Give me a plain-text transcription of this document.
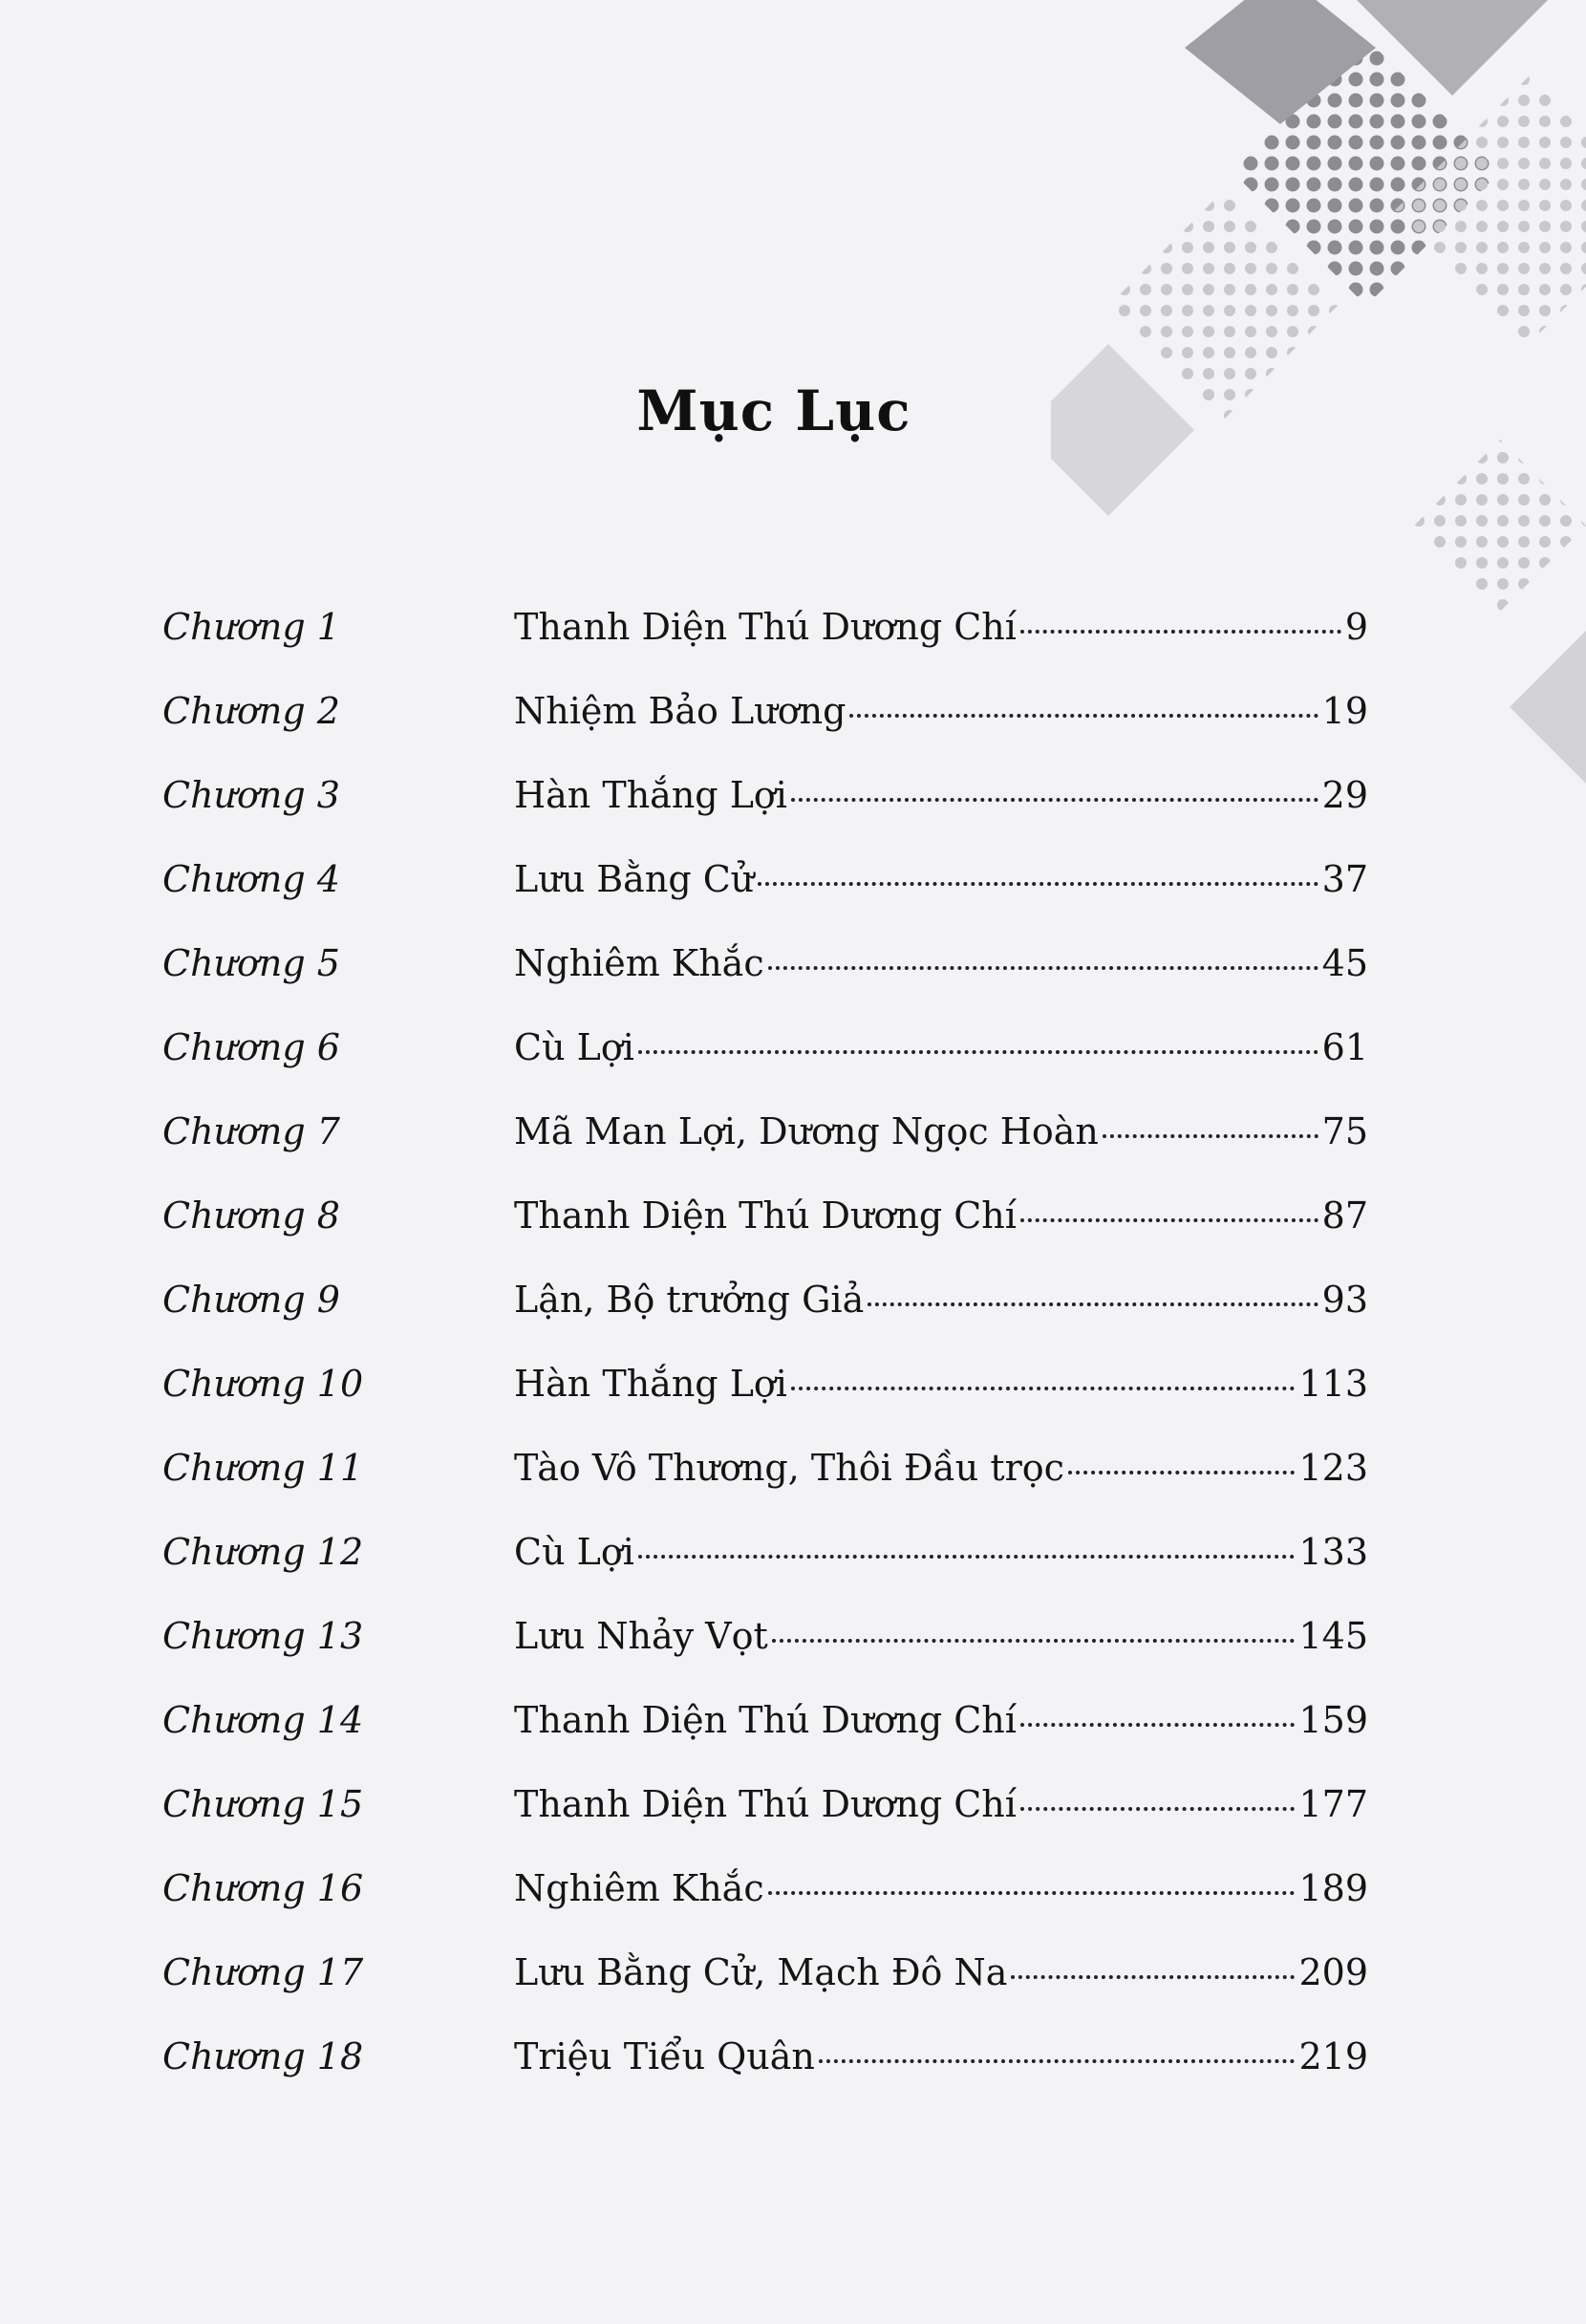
Mục Lục
Chương 1	Thanh Diện Thú Dương Chí	9
Chương 2	Nhiệm Bảo Lương	19
Chương 3	Hàn Thắng Lợi	29
Chương 4	Lưu Bằng Cử	37
Chương 5	Nghiêm Khắc	45
Chương 6	Cù Lợi	61
Chương 7	Mã Man Lợi, Dương Ngọc Hoàn	75
Chương 8	Thanh Diện Thú Dương Chí	87
Chương 9	Lận, Bộ trưởng Giả	93
Chương 10	Hàn Thắng Lợi	113
Chương 11	Tào Vô Thương, Thôi Đầu trọc	123
Chương 12	Cù Lợi	133
Chương 13	Lưu Nhảy Vọt	145
Chương 14	Thanh Diện Thú Dương Chí	159
Chương 15	Thanh Diện Thú Dương Chí	177
Chương 16	Nghiêm Khắc	189
Chương 17	Lưu Bằng Cử, Mạch Đô Na	209
Chương 18	Triệu Tiểu Quân	219
